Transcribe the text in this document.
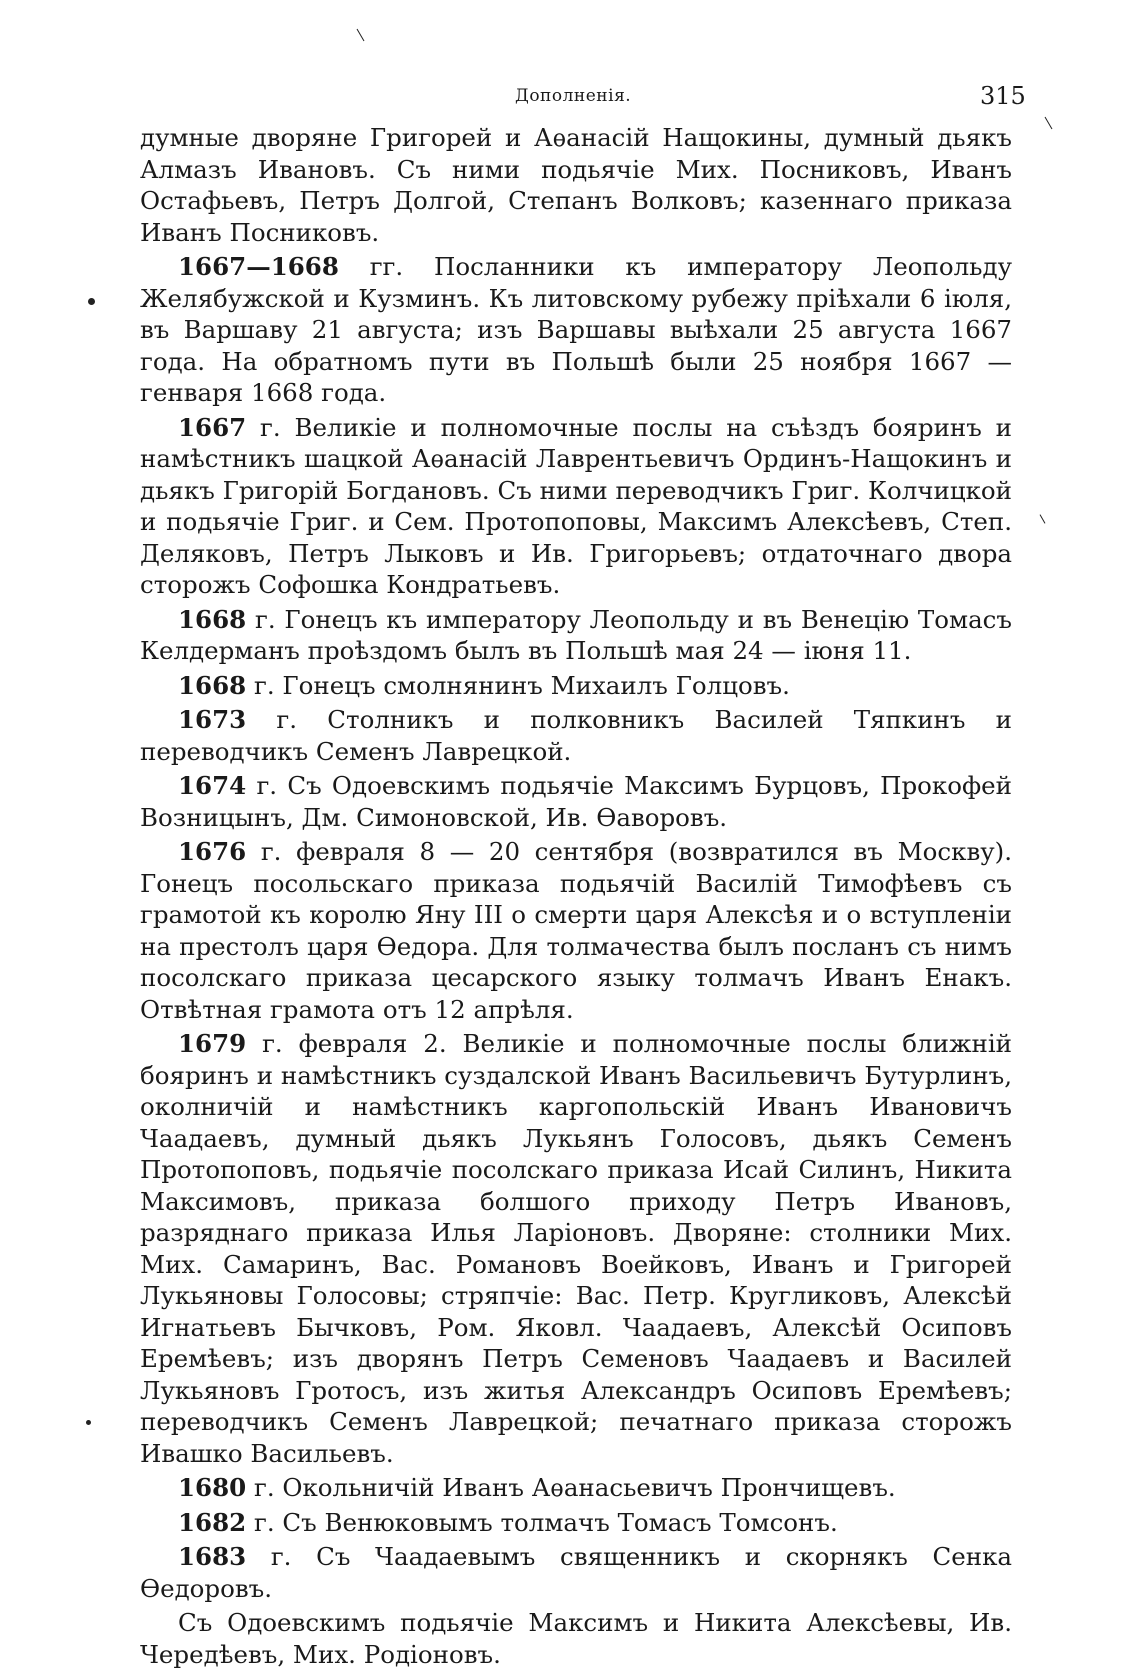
Дополненія.	315

думные дворяне Григорей и Аѳанасій Нащокины, думный дьякъ Алмазъ Ивановъ. Съ ними подьячіе Мих. Посниковъ, Иванъ Остафьевъ, Петръ Долгой, Степанъ Волковъ; казеннаго приказа Иванъ Посниковъ.

1667—1668 гг. Посланники къ императору Леопольду Желябужской и Кузминъ. Къ литовскому рубежу пріѣхали 6 іюля, въ Варшаву 21 августа; изъ Варшавы выѣхали 25 августа 1667 года. На обратномъ пути въ Польшѣ были 25 ноября 1667 — генваря 1668 года.

1667 г. Великіе и полномочные послы на съѣздъ бояринъ и намѣстникъ шацкой Аѳанасій Лаврентьевичъ Ординъ-Нащокинъ и дьякъ Григорій Богдановъ. Съ ними переводчикъ Григ. Колчицкой и подьячіе Григ. и Сем. Протопоповы, Максимъ Алексѣевъ, Степ. Деляковъ, Петръ Лыковъ и Ив. Григорьевъ; отдаточнаго двора сторожъ Софошка Кондратьевъ.

1668 г. Гонецъ къ императору Леопольду и въ Венецію Томасъ Келдерманъ проѣздомъ былъ въ Польшѣ мая 24 — іюня 11.

1668 г. Гонецъ смолнянинъ Михаилъ Голцовъ.

1673 г. Столникъ и полковникъ Василей Тяпкинъ и переводчикъ Семенъ Лаврецкой.

1674 г. Съ Одоевскимъ подьячіе Максимъ Бурцовъ, Прокофей Возницынъ, Дм. Симоновской, Ив. Ѳаворовъ.

1676 г. февраля 8 — 20 сентября (возвратился въ Москву). Гонецъ посольскаго приказа подьячій Василій Тимофѣевъ съ грамотой къ королю Яну III о смерти царя Алексѣя и о вступленіи на престолъ царя Ѳедора. Для толмачества былъ посланъ съ нимъ посолскаго приказа цесарского языку толмачъ Иванъ Енакъ. Отвѣтная грамота отъ 12 апрѣля.

1679 г. февраля 2. Великіе и полномочные послы ближній бояринъ и намѣстникъ суздалской Иванъ Васильевичъ Бутурлинъ, околничій и намѣстникъ каргопольскій Иванъ Ивановичъ Чаадаевъ, думный дьякъ Лукьянъ Голосовъ, дьякъ Семенъ Протопоповъ, подьячіе посолскаго приказа Исай Силинъ, Никита Максимовъ, приказа болшого приходу Петръ Ивановъ, разряднаго приказа Илья Ларіоновъ. Дворяне: столники Мих. Мих. Самаринъ, Вас. Романовъ Воейковъ, Иванъ и Григорей Лукьяновы Голосовы; стряпчіе: Вас. Петр. Кругликовъ, Алексѣй Игнатьевъ Бычковъ, Ром. Яковл. Чаадаевъ, Алексѣй Осиповъ Еремѣевъ; изъ дворянъ Петръ Семеновъ Чаадаевъ и Василей Лукьяновъ Гротосъ, изъ житья Александръ Осиповъ Еремѣевъ; переводчикъ Семенъ Лаврецкой; печатнаго приказа сторожъ Ивашко Васильевъ.

1680 г. Окольничій Иванъ Аѳанасьевичъ Прончищевъ.

1682 г. Съ Венюковымъ толмачъ Томасъ Томсонъ.

1683 г. Съ Чаадаевымъ священникъ и скорнякъ Сенка Ѳедоровъ.

Съ Одоевскимъ подьячіе Максимъ и Никита Алексѣевы, Ив. Чередѣевъ, Мих. Родіоновъ.
